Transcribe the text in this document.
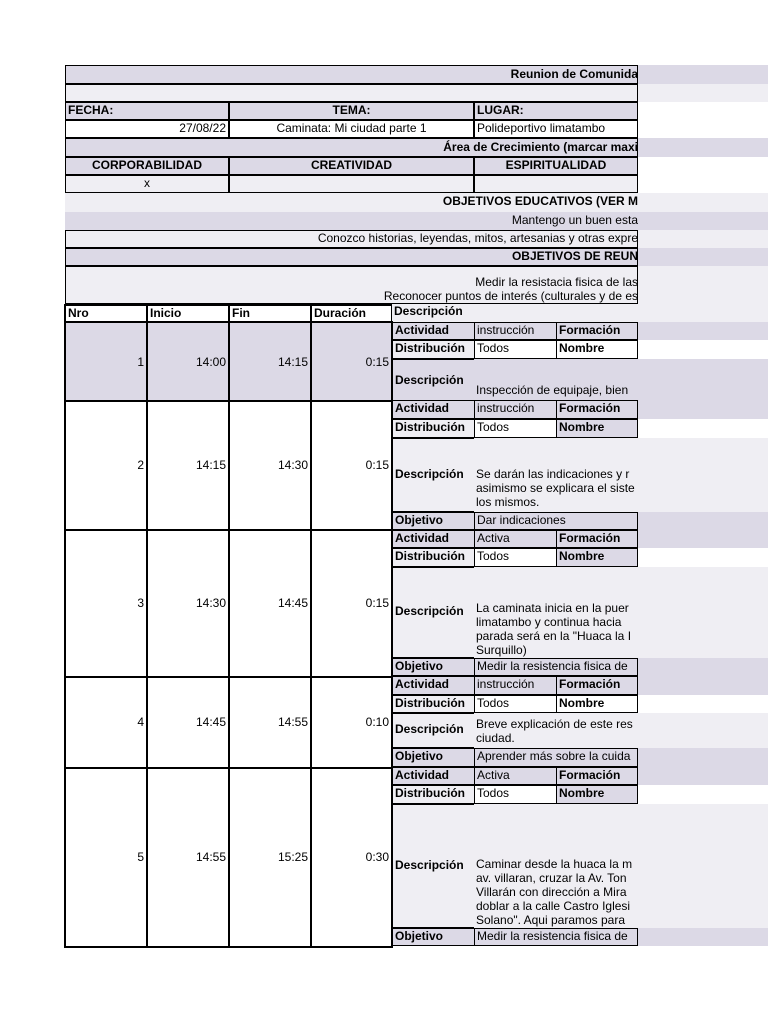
Reunion de Comunida
FECHA:	TEMA:	LUGAR:
27/08/22	Caminata: Mi ciudad parte 1	Polideportivo limatambo
Área de Crecimiento (marcar maxi
CORPORABILIDAD	CREATIVIDAD	ESPIRITUALIDAD
x
OBJETIVOS EDUCATIVOS (VER M
Mantengo un buen esta
Conozco historias, leyendas, mitos, artesanias y otras expre
OBJETIVOS DE REUN
Medir la resistacia fisica de las
Reconocer puntos de interés (culturales y de es
Nro	Inicio	Fin	Duración	Descripción
1	14:00	14:15	0:15
Actividad	instrucción	Formación
Distribución Todos	Nombre
Descripción
Inspección de equipaje, bien
2	14:15	14:30	0:15
Actividad	instrucción	Formación
Distribución Todos	Nombre
Descripción	Se darán las indicaciones y r
asimismo se explicara el siste
los mismos.
Objetivo	Dar indicaciones
3	14:30	14:45	0:15
Actividad	Activa	Formación
Distribución Todos	Nombre
Descripción	La caminata inicia en la puer
limatambo y continua hacia
parada será en la "Huaca la I
Surquillo)
Objetivo	Medir la resistencia fisica de
4	14:45	14:55	0:10
Actividad	instrucción	Formación
Distribución Todos	Nombre
Descripción	Breve explicación de este res
ciudad.
Objetivo	Aprender más sobre la cuida
5	14:55	15:25	0:30
Actividad	Activa	Formación
Distribución Todos	Nombre
Descripción	Caminar desde la huaca la m
av. villaran, cruzar la Av. Ton
Villarán con dirección a Mira
doblar a la calle Castro Iglesi
Solano". Aqui paramos para
Objetivo	Medir la resistencia fisica de
